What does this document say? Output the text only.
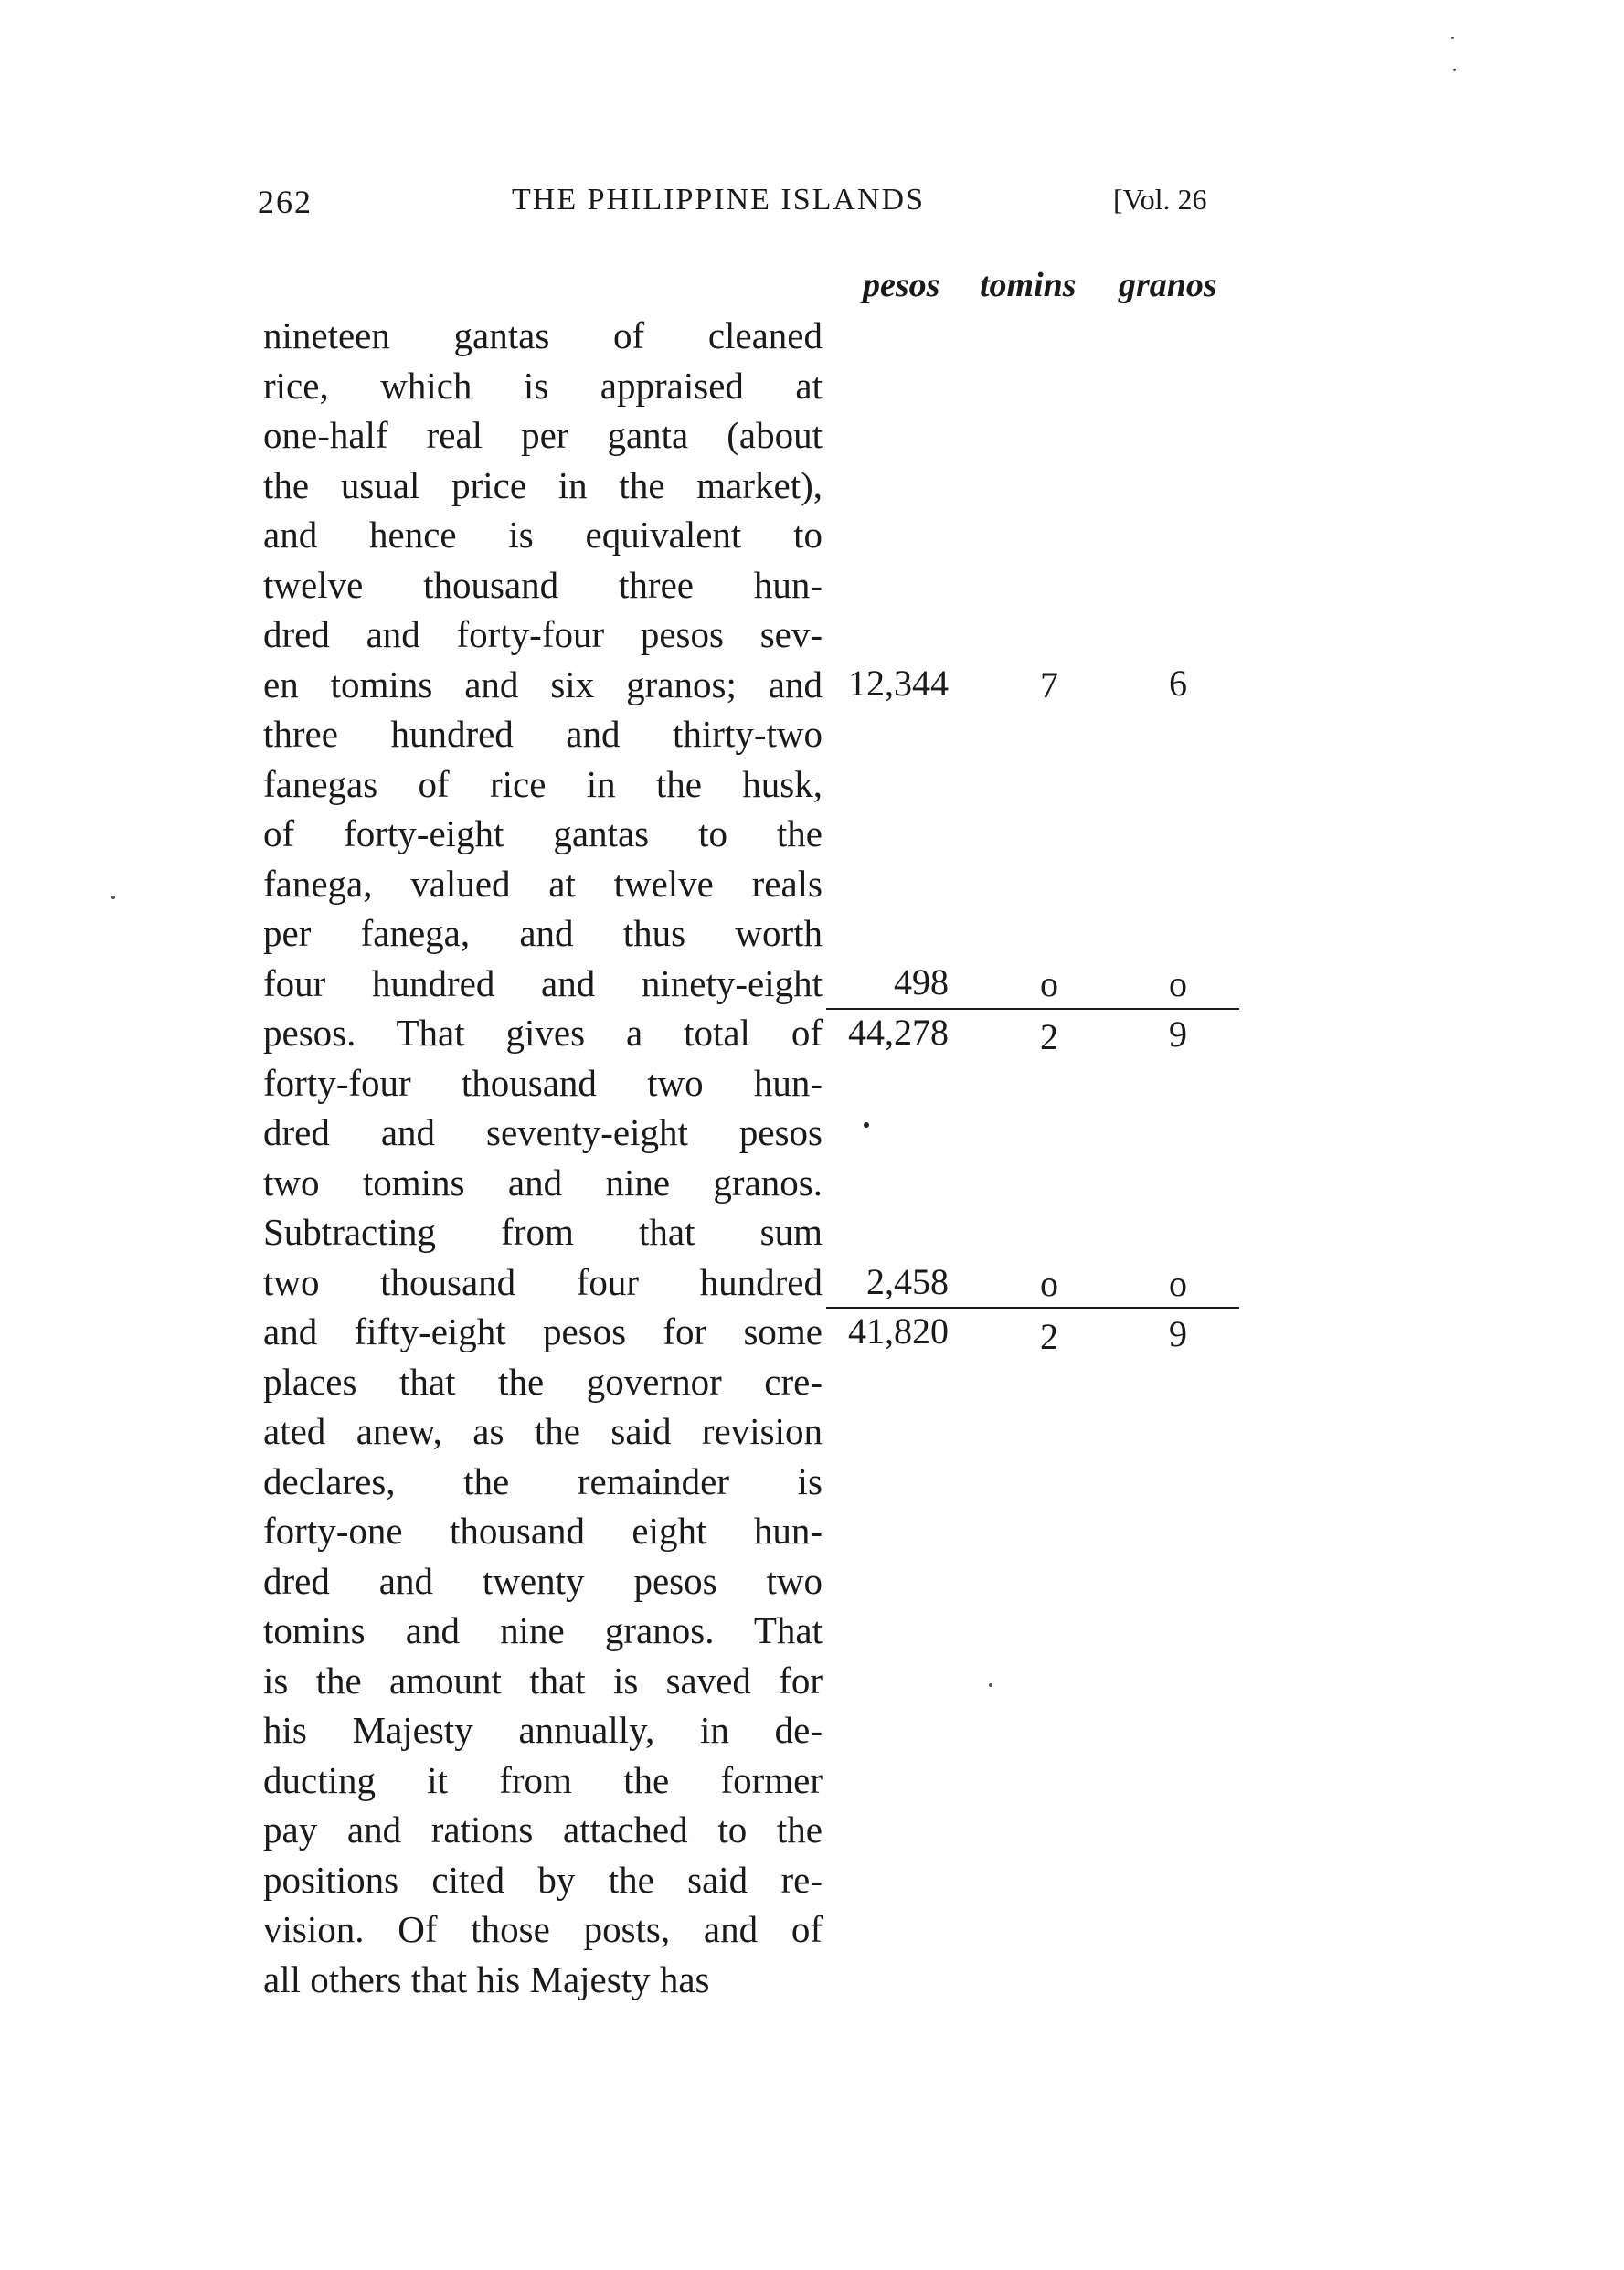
262	THE PHILIPPINE ISLANDS	[Vol. 26
pesos tomins granos
nineteen gantas of cleaned
rice, which is appraised at
one-half real per ganta (about
the usual price in the market),
and hence is equivalent to
twelve thousand three hun-
dred and forty-four pesos sev-
en tomins and six granos; and
three hundred and thirty-two
fanegas of rice in the husk,
of forty-eight gantas to the
fanega, valued at twelve reals
per fanega, and thus worth
four hundred and ninety-eight
pesos. That gives a total of
forty-four thousand two hun-
dred and seventy-eight pesos
two tomins and nine granos.
Subtracting from that sum
two thousand four hundred
and fifty-eight pesos for some
places that the governor cre-
ated anew, as the said revision
declares, the remainder is
forty-one thousand eight hun-
dred and twenty pesos two
tomins and nine granos. That
is the amount that is saved for
his Majesty annually, in de-
ducting it from the former
pay and rations attached to the
positions cited by the said re-
vision. Of those posts, and of
all others that his Majesty has
12,344	7	6
498	o	o
44,278	2	9
2,458	o	o
41,820	2	9
